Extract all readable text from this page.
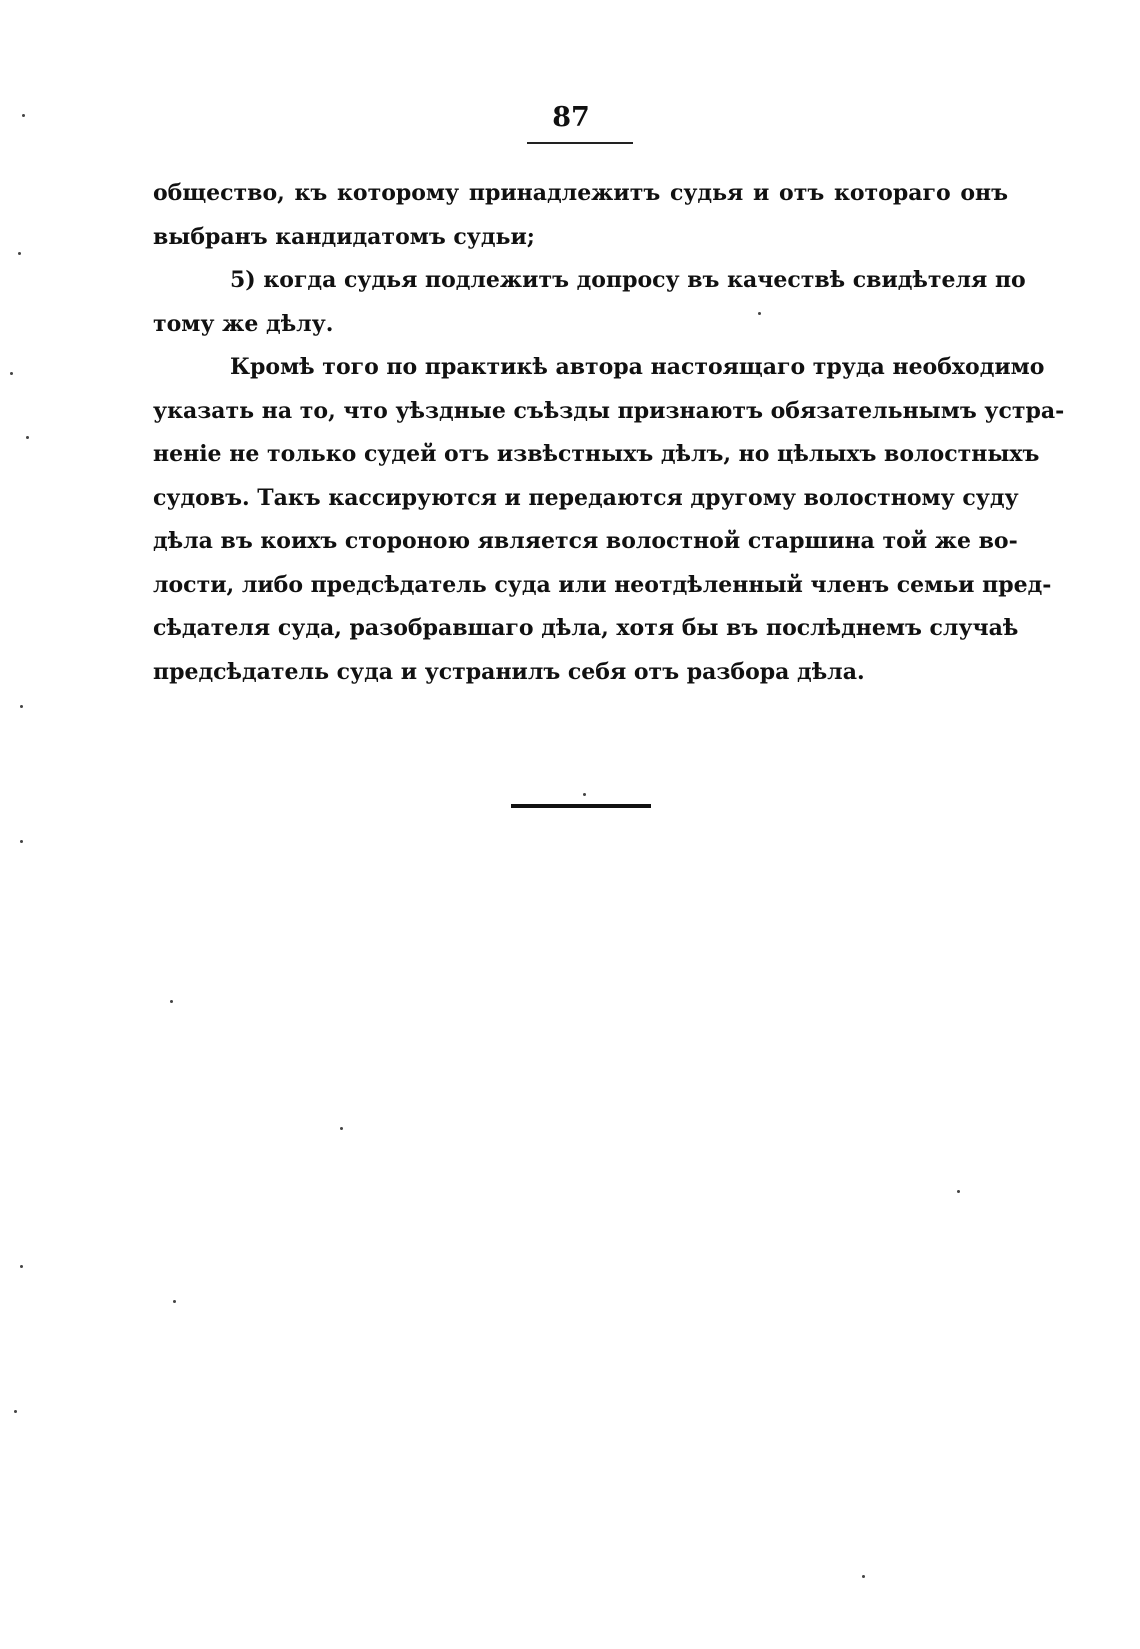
87
общество, къ которому принадлежитъ судья и отъ котораго онъ
выбранъ кандидатомъ судьи;
5) когда судья подлежитъ допросу въ качествѣ свидѣтеля по
тому же дѣлу.
Кромѣ того по практикѣ автора настоящаго труда необходимо
указать на то, что уѣздные съѣзды признаютъ обязательнымъ устра-
неніе не только судей отъ извѣстныхъ дѣлъ, но цѣлыхъ волостныхъ
судовъ. Такъ кассируются и передаются другому волостному суду
дѣла въ коихъ стороною является волостной старшина той же во-
лости, либо предсѣдатель суда или неотдѣленный членъ семьи пред-
сѣдателя суда, разобравшаго дѣла, хотя бы въ послѣднемъ случаѣ
предсѣдатель суда и устранилъ себя отъ разбора дѣла.
